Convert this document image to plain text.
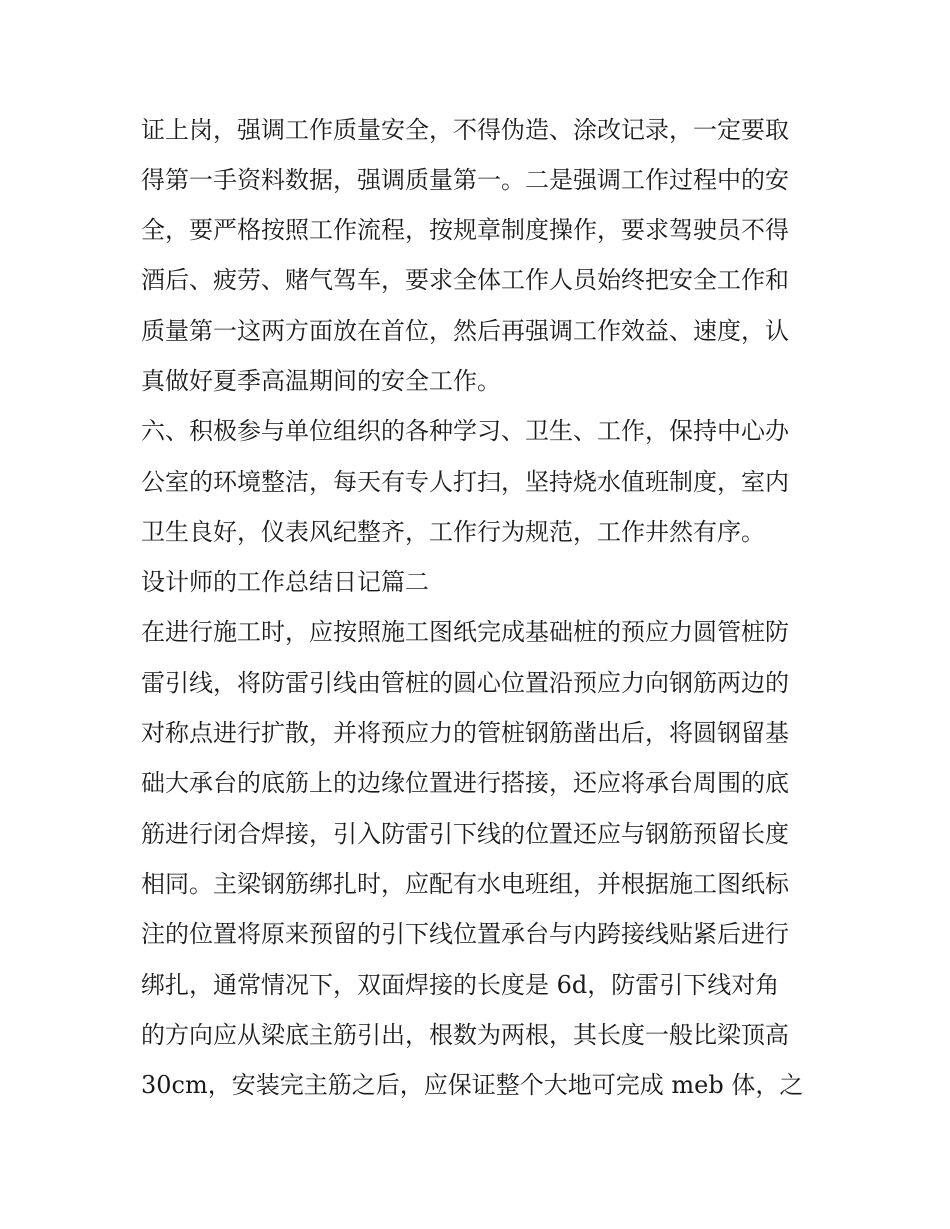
证上岗，强调工作质量安全，不得伪造、涂改记录，一定要取
得第一手资料数据，强调质量第一。二是强调工作过程中的安
全，要严格按照工作流程，按规章制度操作，要求驾驶员不得
酒后、疲劳、赌气驾车，要求全体工作人员始终把安全工作和
质量第一这两方面放在首位，然后再强调工作效益、速度，认
真做好夏季高温期间的安全工作。
六、积极参与单位组织的各种学习、卫生、工作，保持中心办
公室的环境整洁，每天有专人打扫，坚持烧水值班制度，室内
卫生良好，仪表风纪整齐，工作行为规范，工作井然有序。
设计师的工作总结日记篇二
在进行施工时，应按照施工图纸完成基础桩的预应力圆管桩防
雷引线，将防雷引线由管桩的圆心位置沿预应力向钢筋两边的
对称点进行扩散，并将预应力的管桩钢筋凿出后，将圆钢留基
础大承台的底筋上的边缘位置进行搭接，还应将承台周围的底
筋进行闭合焊接，引入防雷引下线的位置还应与钢筋预留长度
相同。主梁钢筋绑扎时，应配有水电班组，并根据施工图纸标
注的位置将原来预留的引下线位置承台与内跨接线贴紧后进行
绑扎，通常情况下，双面焊接的长度是 6d，防雷引下线对角
的方向应从梁底主筋引出，根数为两根，其长度一般比梁顶高
30cm，安装完主筋之后，应保证整个大地可完成 meb 体，之
